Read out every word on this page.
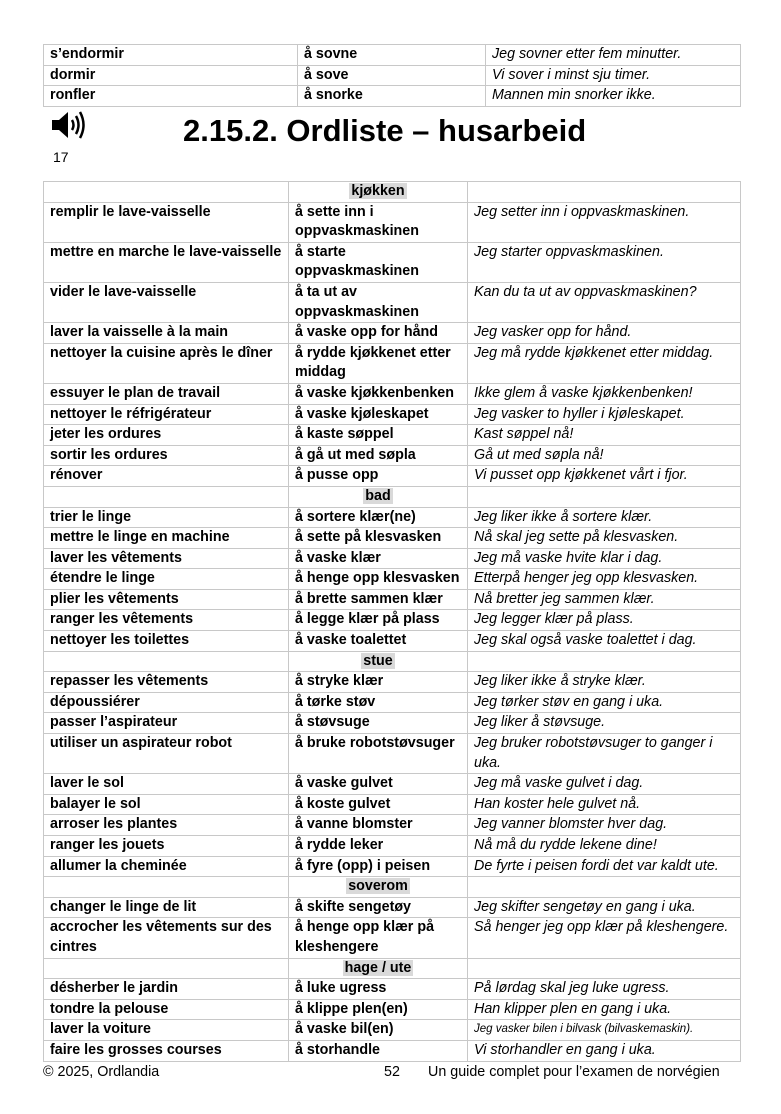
s’endormir	å sovne	Jeg sovner etter fem minutter.
dormir	å sove	Vi sover i minst sju timer.
ronfler	å snorke	Mannen min snorker ikke.
17
2.15.2. Ordliste – husarbeid
	kjøkken	
remplir le lave-vaisselle	å sette inn i oppvaskmaskinen	Jeg setter inn i oppvaskmaskinen.
mettre en marche le lave-vaisselle	å starte oppvaskmaskinen	Jeg starter oppvaskmaskinen.
vider le lave-vaisselle	å ta ut av oppvaskmaskinen	Kan du ta ut av oppvaskmaskinen?
laver la vaisselle à la main	å vaske opp for hånd	Jeg vasker opp for hånd.
nettoyer la cuisine après le dîner	å rydde kjøkkenet etter middag	Jeg må rydde kjøkkenet etter middag.
essuyer le plan de travail	å vaske kjøkkenbenken	Ikke glem å vaske kjøkkenbenken!
nettoyer le réfrigérateur	å vaske kjøleskapet	Jeg vasker to hyller i kjøleskapet.
jeter les ordures	å kaste søppel	Kast søppel nå!
sortir les ordures	å gå ut med søpla	Gå ut med søpla nå!
rénover	å pusse opp	Vi pusset opp kjøkkenet vårt i fjor.
	bad	
trier le linge	å sortere klær(ne)	Jeg liker ikke å sortere klær.
mettre le linge en machine	å sette på klesvasken	Nå skal jeg sette på klesvasken.
laver les vêtements	å vaske klær	Jeg må vaske hvite klar i dag.
étendre le linge	å henge opp klesvasken	Etterpå henger jeg opp klesvasken.
plier les vêtements	å brette sammen klær	Nå bretter jeg sammen klær.
ranger les vêtements	å legge klær på plass	Jeg legger klær på plass.
nettoyer les toilettes	å vaske toalettet	Jeg skal også vaske toalettet i dag.
	stue	
repasser les vêtements	å stryke klær	Jeg liker ikke å stryke klær.
dépoussiérer	å tørke støv	Jeg tørker støv en gang i uka.
passer l’aspirateur	å støvsuge	Jeg liker å støvsuge.
utiliser un aspirateur robot	å bruke robotstøvsuger	Jeg bruker robotstøvsuger to ganger i uka.
laver le sol	å vaske gulvet	Jeg må vaske gulvet i dag.
balayer le sol	å koste gulvet	Han koster hele gulvet nå.
arroser les plantes	å vanne blomster	Jeg vanner blomster hver dag.
ranger les jouets	å rydde leker	Nå må du rydde lekene dine!
allumer la cheminée	å fyre (opp) i peisen	De fyrte i peisen fordi det var kaldt ute.
	soverom	
changer le linge de lit	å skifte sengetøy	Jeg skifter sengetøy en gang i uka.
accrocher les vêtements sur des cintres	å henge opp klær på kleshengere	Så henger jeg opp klær på kleshengere.
	hage / ute	
désherber le jardin	å luke ugress	På lørdag skal jeg luke ugress.
tondre la pelouse	å klippe plen(en)	Han klipper plen en gang i uka.
laver la voiture	å vaske bil(en)	Jeg vasker bilen i bilvask (bilvaskemaskin).
faire les grosses courses	å storhandle	Vi storhandler en gang i uka.
© 2025, Ordlandia	52 Un guide complet pour l’examen de norvégien
